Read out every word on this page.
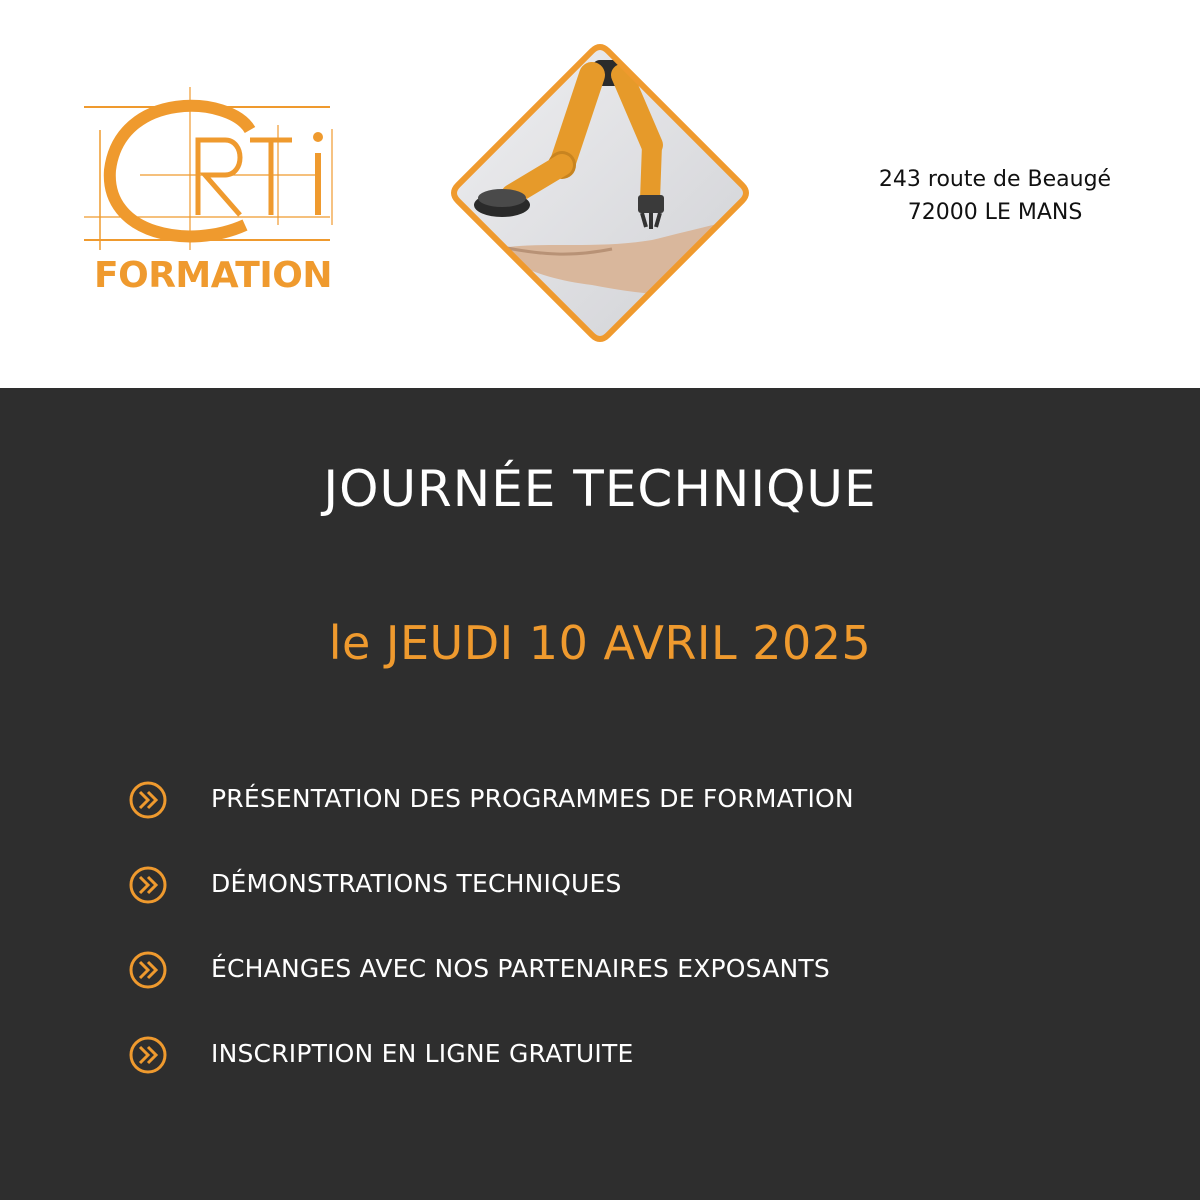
FORMATION
243 route de Beaugé
72000 LE MANS
JOURNÉE TECHNIQUE
le JEUDI 10 AVRIL 2025
PRÉSENTATION DES PROGRAMMES DE FORMATION
DÉMONSTRATIONS TECHNIQUES
ÉCHANGES AVEC NOS PARTENAIRES EXPOSANTS
INSCRIPTION EN LIGNE GRATUITE
